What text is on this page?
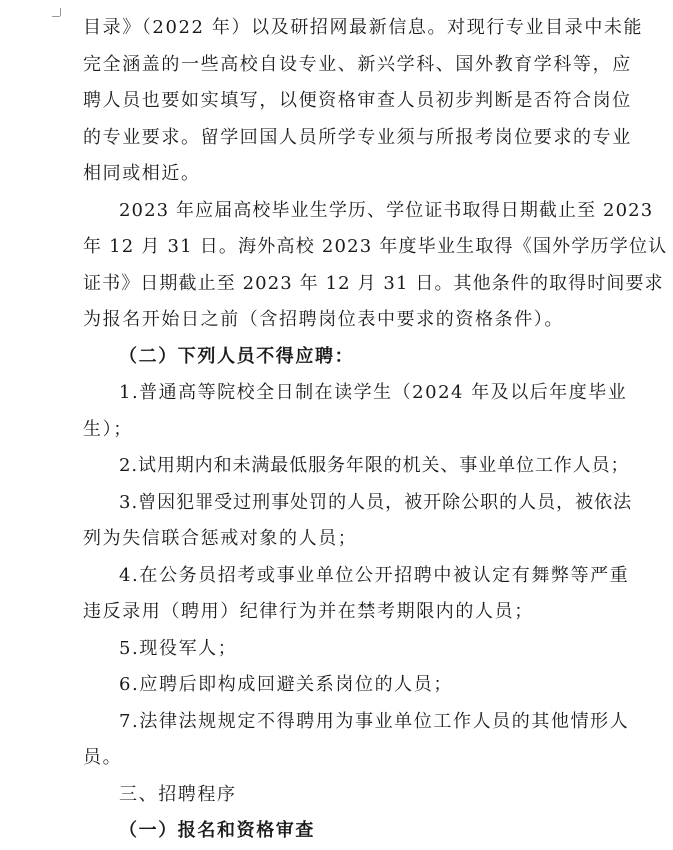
目录》（2022 年）以及研招网最新信息。对现行专业目录中未能
完全涵盖的一些高校自设专业、新兴学科、国外教育学科等，应
聘人员也要如实填写，以便资格审查人员初步判断是否符合岗位
的专业要求。留学回国人员所学专业须与所报考岗位要求的专业
相同或相近。

2023 年应届高校毕业生学历、学位证书取得日期截止至 2023
年 12 月 31 日。海外高校 2023 年度毕业生取得《国外学历学位认
证书》日期截止至 2023 年 12 月 31 日。其他条件的取得时间要求
为报名开始日之前（含招聘岗位表中要求的资格条件）。

（二）下列人员不得应聘：

1.普通高等院校全日制在读学生（2024 年及以后年度毕业
生）；

2.试用期内和未满最低服务年限的机关、事业单位工作人员；

3.曾因犯罪受过刑事处罚的人员，被开除公职的人员，被依法
列为失信联合惩戒对象的人员；

4.在公务员招考或事业单位公开招聘中被认定有舞弊等严重
违反录用（聘用）纪律行为并在禁考期限内的人员；

5.现役军人；

6.应聘后即构成回避关系岗位的人员；

7.法律法规规定不得聘用为事业单位工作人员的其他情形人
员。

三、招聘程序

（一）报名和资格审查
